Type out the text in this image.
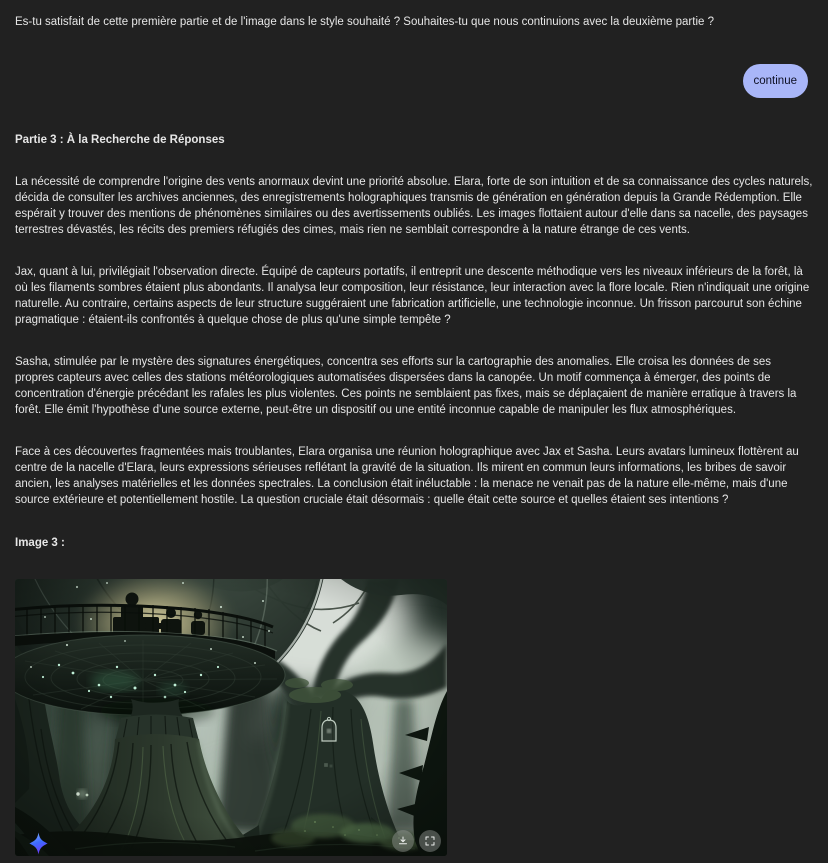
Es-tu satisfait de cette première partie et de l'image dans le style souhaité ? Souhaites-tu que nous continuions avec la deuxième partie ?
continue
Partie 3 : À la Recherche de Réponses

La nécessité de comprendre l'origine des vents anormaux devint une priorité absolue. Elara, forte de son intuition et de sa connaissance des cycles naturels, décida de consulter les archives anciennes, des enregistrements holographiques transmis de génération en génération depuis la Grande Rédemption. Elle espérait y trouver des mentions de phénomènes similaires ou des avertissements oubliés. Les images flottaient autour d'elle dans sa nacelle, des paysages terrestres dévastés, les récits des premiers réfugiés des cimes, mais rien ne semblait correspondre à la nature étrange de ces vents.

Jax, quant à lui, privilégiait l'observation directe. Équipé de capteurs portatifs, il entreprit une descente méthodique vers les niveaux inférieurs de la forêt, là où les filaments sombres étaient plus abondants. Il analysa leur composition, leur résistance, leur interaction avec la flore locale. Rien n'indiquait une origine naturelle. Au contraire, certains aspects de leur structure suggéraient une fabrication artificielle, une technologie inconnue. Un frisson parcourut son échine pragmatique : étaient-ils confrontés à quelque chose de plus qu'une simple tempête ?

Sasha, stimulée par le mystère des signatures énergétiques, concentra ses efforts sur la cartographie des anomalies. Elle croisa les données de ses propres capteurs avec celles des stations météorologiques automatisées dispersées dans la canopée. Un motif commença à émerger, des points de concentration d'énergie précédant les rafales les plus violentes. Ces points ne semblaient pas fixes, mais se déplaçaient de manière erratique à travers la forêt. Elle émit l'hypothèse d'une source externe, peut-être un dispositif ou une entité inconnue capable de manipuler les flux atmosphériques.

Face à ces découvertes fragmentées mais troublantes, Elara organisa une réunion holographique avec Jax et Sasha. Leurs avatars lumineux flottèrent au centre de la nacelle d'Elara, leurs expressions sérieuses reflétant la gravité de la situation. Ils mirent en commun leurs informations, les bribes de savoir ancien, les analyses matérielles et les données spectrales. La conclusion était inéluctable : la menace ne venait pas de la nature elle-même, mais d'une source extérieure et potentiellement hostile. La question cruciale était désormais : quelle était cette source et quelles étaient ses intentions ?

Image 3 :
